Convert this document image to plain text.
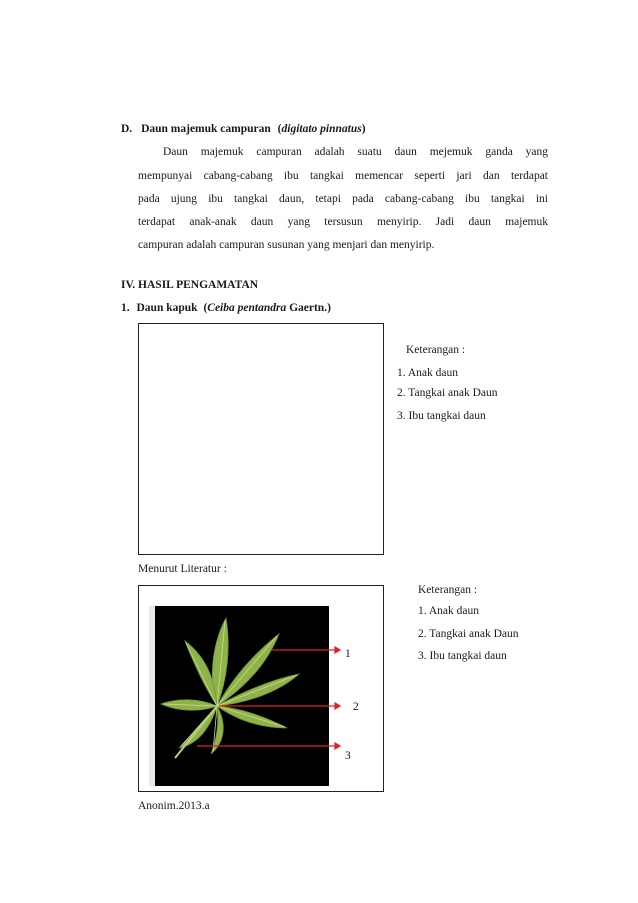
D. Daun majemuk campuran (digitato pinnatus)
Daun majemuk campuran adalah suatu daun mejemuk ganda yang
mempunyai cabang-cabang ibu tangkai memencar seperti jari dan terdapat
pada ujung ibu tangkai daun, tetapi pada cabang-cabang ibu tangkai ini
terdapat anak-anak daun yang tersusun menyirip. Jadi daun majemuk
campuran adalah campuran susunan yang menjari dan menyirip.
IV. HASIL PENGAMATAN
1. Daun kapuk (Ceiba pentandra Gaertn.)
Keterangan :
1. Anak daun
2. Tangkai anak Daun
3. Ibu tangkai daun
Menurut Literatur :
1
2
3
Keterangan :
1. Anak daun
2. Tangkai anak Daun
3. Ibu tangkai daun
Anonim.2013.a
